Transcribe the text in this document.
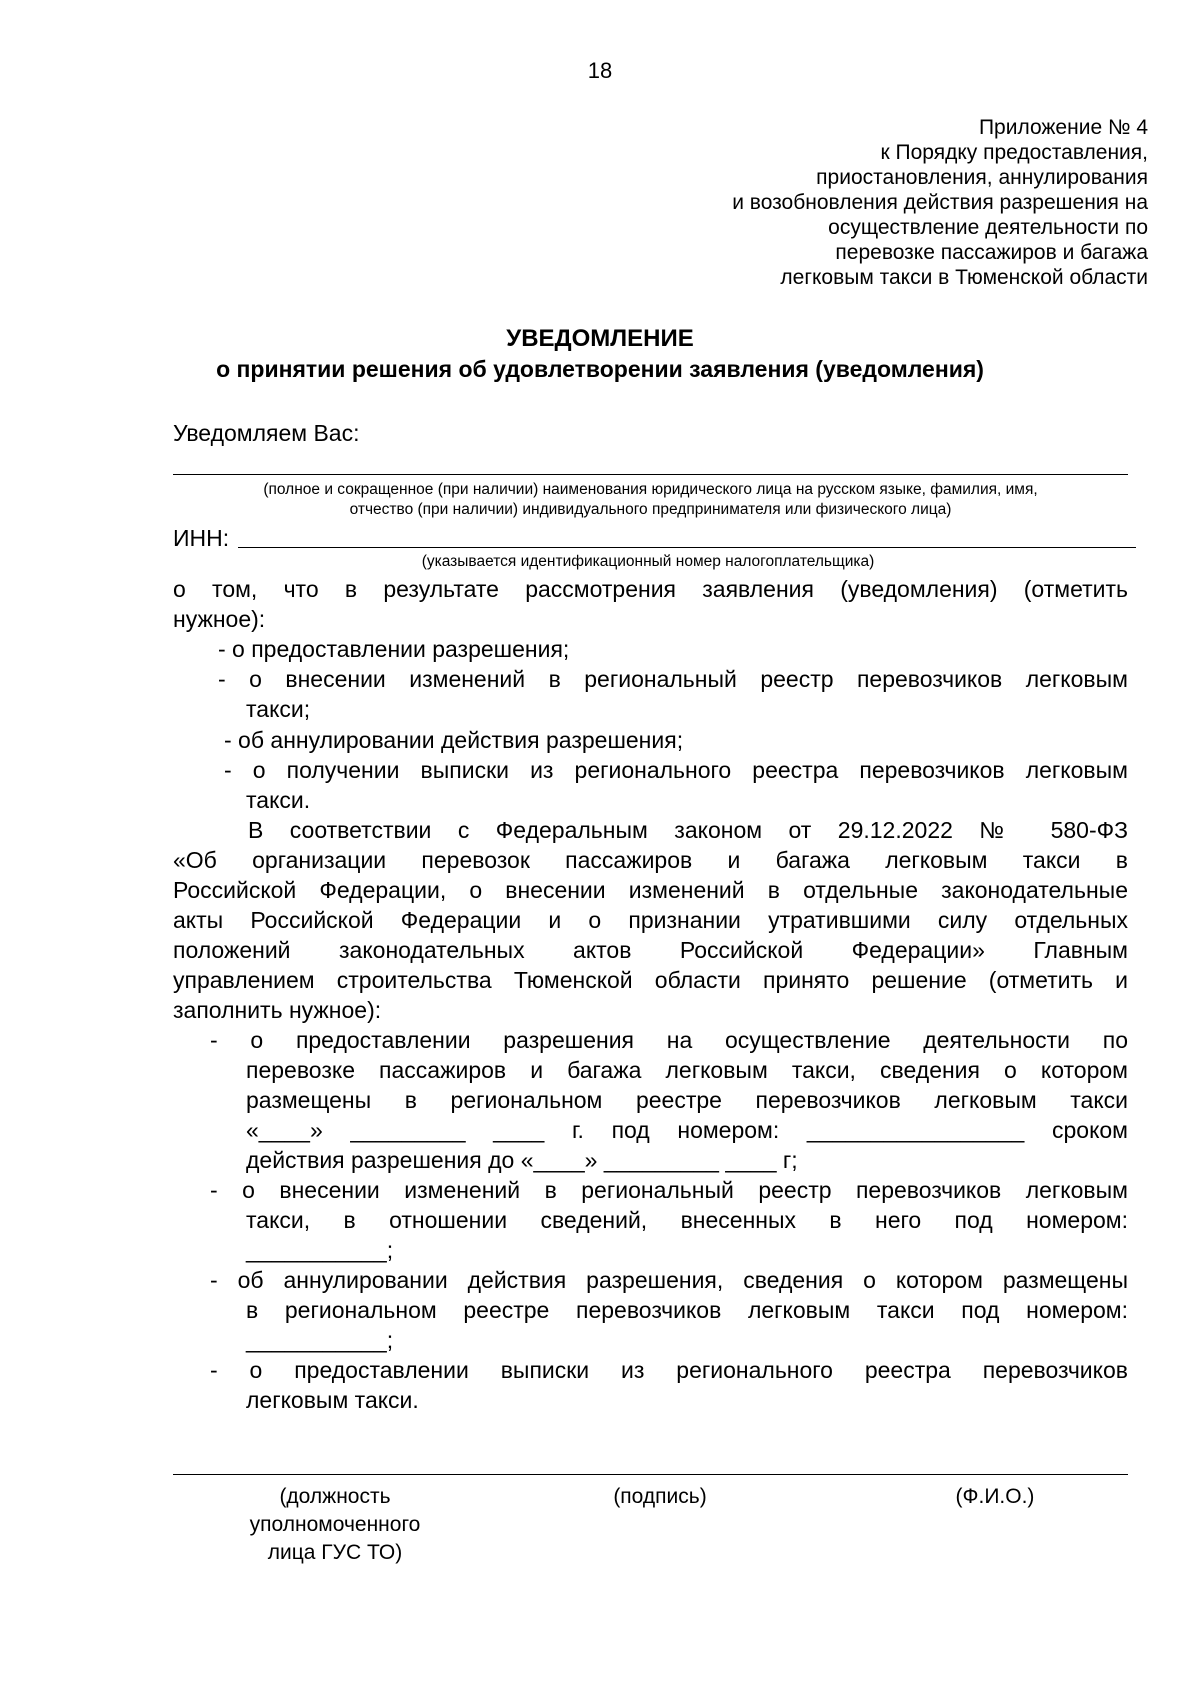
18
Приложение № 4
к Порядку предоставления,
приостановления, аннулирования
и возобновления действия разрешения на
осуществление деятельности по
перевозке пассажиров и багажа
легковым такси в Тюменской области
УВЕДОМЛЕНИЕ
о принятии решения об удовлетворении заявления (уведомления)
Уведомляем Вас:
(полное и сокращенное (при наличии) наименования юридического лица на русском языке, фамилия, имя,
отчество (при наличии) индивидуального предпринимателя или физического лица)
ИНН:
(указывается идентификационный номер налогоплательщика)
о том, что в результате рассмотрения заявления (уведомления) (отметить
нужное):
- о предоставлении разрешения;
- о внесении изменений в региональный реестр перевозчиков легковым
такси;
- об аннулировании действия разрешения;
- о получении выписки из регионального реестра перевозчиков легковым
такси.
В соответствии с Федеральным законом от 29.12.2022 № 580-ФЗ
«Об организации перевозок пассажиров и багажа легковым такси в
Российской Федерации, о внесении изменений в отдельные законодательные
акты Российской Федерации и о признании утратившими силу отдельных
положений законодательных актов Российской Федерации» Главным
управлением строительства Тюменской области принято решение (отметить и
заполнить нужное):
- о предоставлении разрешения на осуществление деятельности по
перевозке пассажиров и багажа легковым такси, сведения о котором
размещены в региональном реестре перевозчиков легковым такси
«____» _________ ____ г. под номером: _________________ сроком
действия разрешения до «____» _________ ____ г;
- о внесении изменений в региональный реестр перевозчиков легковым
такси, в отношении сведений, внесенных в него под номером:
___________;
- об аннулировании действия разрешения, сведения о котором размещены
в региональном реестре перевозчиков легковым такси под номером:
___________;
- о предоставлении выписки из регионального реестра перевозчиков
легковым такси.
(должность
уполномоченного
лица ГУС ТО)
(подпись)	(Ф.И.О.)
